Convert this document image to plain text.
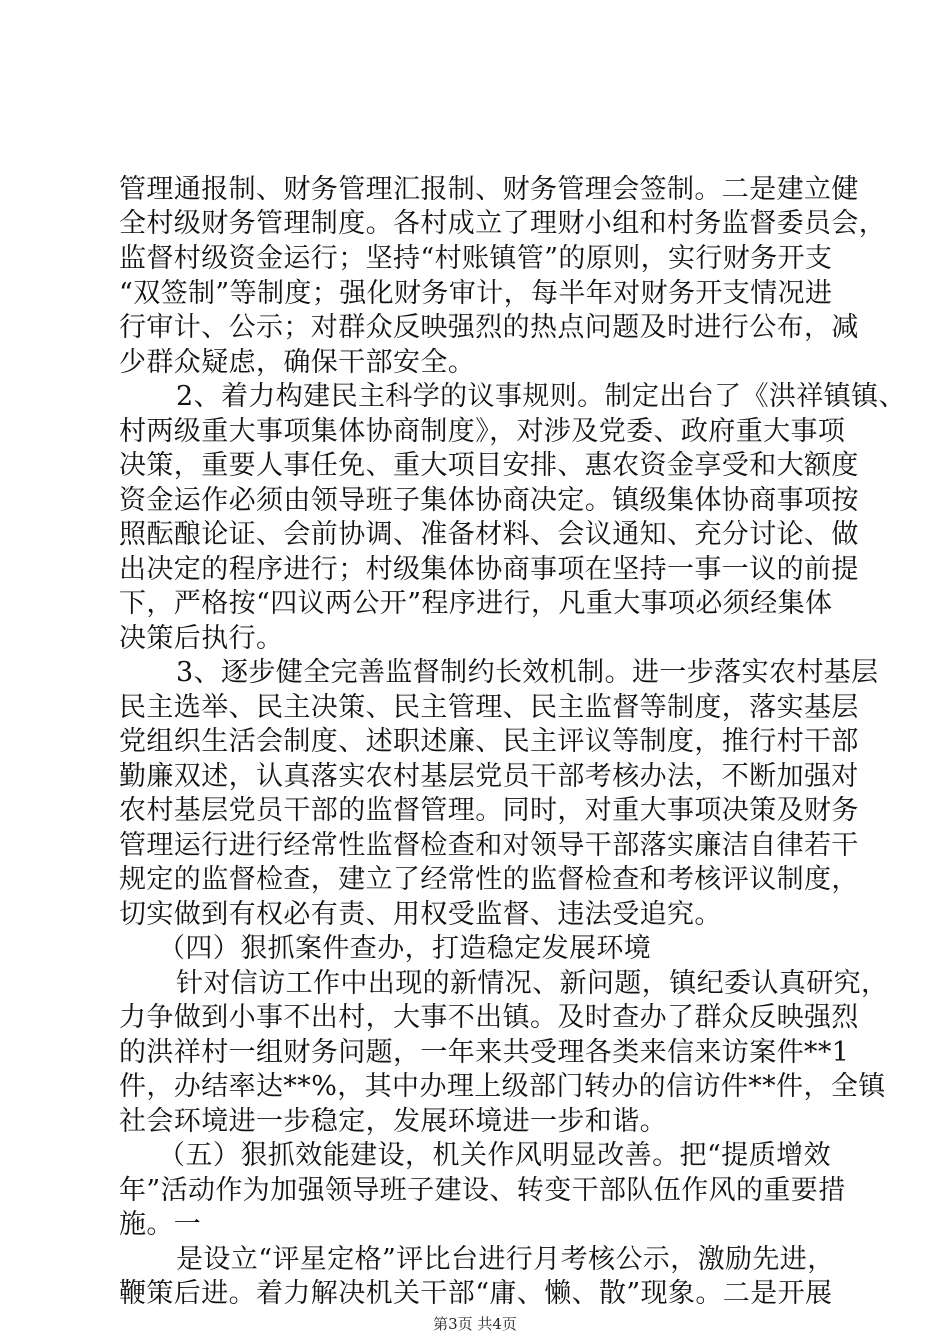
管理通报制、财务管理汇报制、财务管理会签制。二是建立健
全村级财务管理制度。各村成立了理财小组和村务监督委员会，
监督村级资金运行；坚持“村账镇管”的原则，实行财务开支
“双签制”等制度；强化财务审计，每半年对财务开支情况进
行审计、公示；对群众反映强烈的热点问题及时进行公布，减
少群众疑虑，确保干部安全。
2、着力构建民主科学的议事规则。制定出台了《洪祥镇镇、
村两级重大事项集体协商制度》，对涉及党委、政府重大事项
决策，重要人事任免、重大项目安排、惠农资金享受和大额度
资金运作必须由领导班子集体协商决定。镇级集体协商事项按
照酝酿论证、会前协调、准备材料、会议通知、充分讨论、做
出决定的程序进行；村级集体协商事项在坚持一事一议的前提
下，严格按“四议两公开”程序进行，凡重大事项必须经集体
决策后执行。
3、逐步健全完善监督制约长效机制。进一步落实农村基层
民主选举、民主决策、民主管理、民主监督等制度，落实基层
党组织生活会制度、述职述廉、民主评议等制度，推行村干部
勤廉双述，认真落实农村基层党员干部考核办法，不断加强对
农村基层党员干部的监督管理。同时，对重大事项决策及财务
管理运行进行经常性监督检查和对领导干部落实廉洁自律若干
规定的监督检查，建立了经常性的监督检查和考核评议制度，
切实做到有权必有责、用权受监督、违法受追究。
（四）狠抓案件查办，打造稳定发展环境
针对信访工作中出现的新情况、新问题，镇纪委认真研究，
力争做到小事不出村，大事不出镇。及时查办了群众反映强烈
的洪祥村一组财务问题，一年来共受理各类来信来访案件**1
件，办结率达**%，其中办理上级部门转办的信访件**件，全镇
社会环境进一步稳定，发展环境进一步和谐。
（五）狠抓效能建设，机关作风明显改善。把“提质增效
年”活动作为加强领导班子建设、转变干部队伍作风的重要措
施。一
是设立“评星定格”评比台进行月考核公示，激励先进，
鞭策后进。着力解决机关干部“庸、懒、散”现象。二是开展
第3页 共4页
